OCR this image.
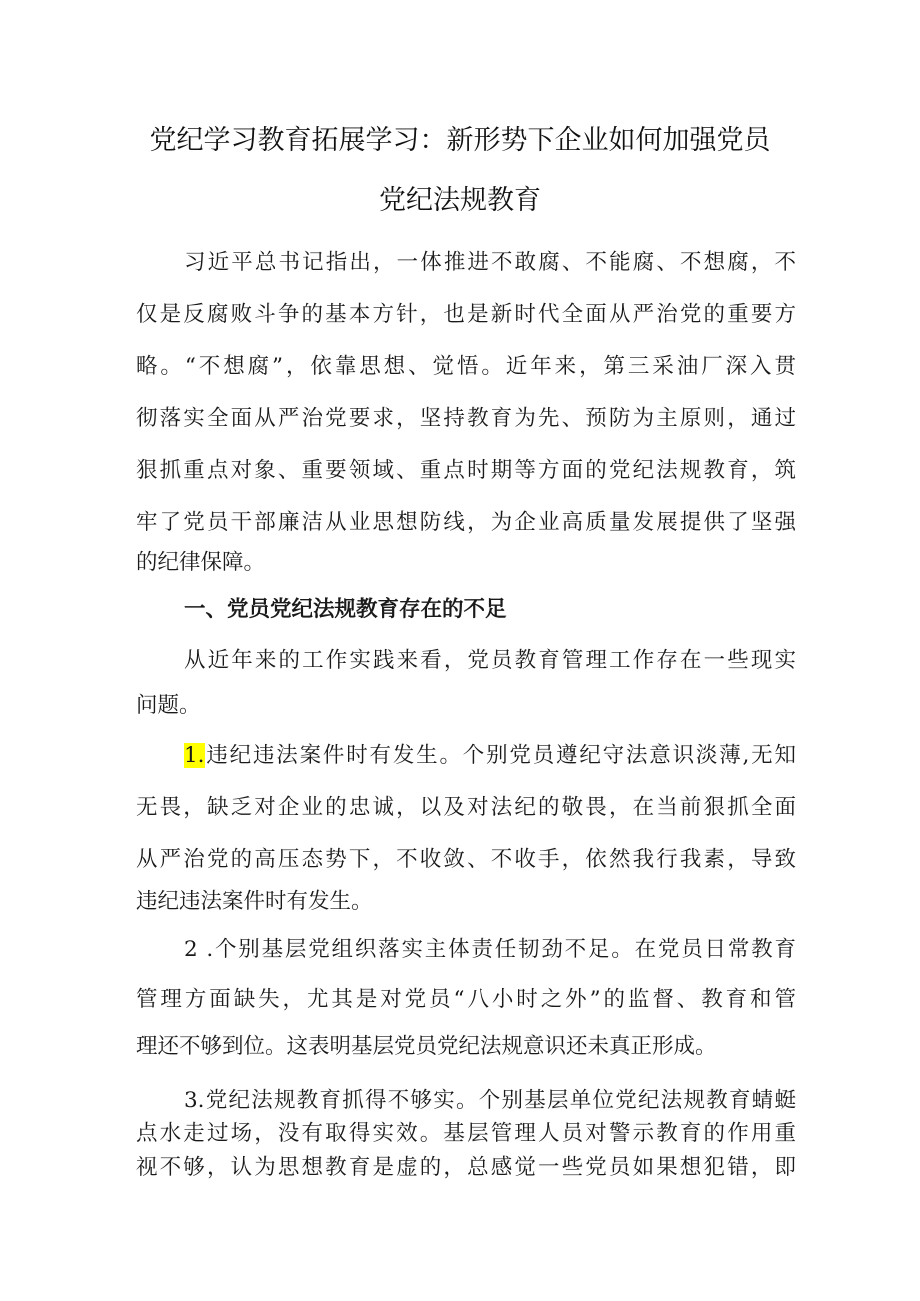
党纪学习教育拓展学习：新形势下企业如何加强党员
党纪法规教育
习近平总书记指出，一体推进不敢腐、不能腐、不想腐，不
仅是反腐败斗争的基本方针，也是新时代全面从严治党的重要方
略。“不想腐”，依靠思想、觉悟。近年来，第三采油厂深入贯
彻落实全面从严治党要求，坚持教育为先、预防为主原则，通过
狠抓重点对象、重要领域、重点时期等方面的党纪法规教育，筑
牢了党员干部廉洁从业思想防线，为企业高质量发展提供了坚强
的纪律保障。
一、党员党纪法规教育存在的不足
从近年来的工作实践来看，党员教育管理工作存在一些现实
问题。
1.违纪违法案件时有发生。个别党员遵纪守法意识淡薄,无知
无畏，缺乏对企业的忠诚，以及对法纪的敬畏，在当前狠抓全面
从严治党的高压态势下，不收敛、不收手，依然我行我素，导致
违纪违法案件时有发生。
2 .个别基层党组织落实主体责任韧劲不足。在党员日常教育
管理方面缺失，尤其是对党员“八小时之外”的监督、教育和管
理还不够到位。这表明基层党员党纪法规意识还未真正形成。
3.党纪法规教育抓得不够实。个别基层单位党纪法规教育蜻蜓
点水走过场，没有取得实效。基层管理人员对警示教育的作用重
视不够，认为思想教育是虚的，总感觉一些党员如果想犯错，即
